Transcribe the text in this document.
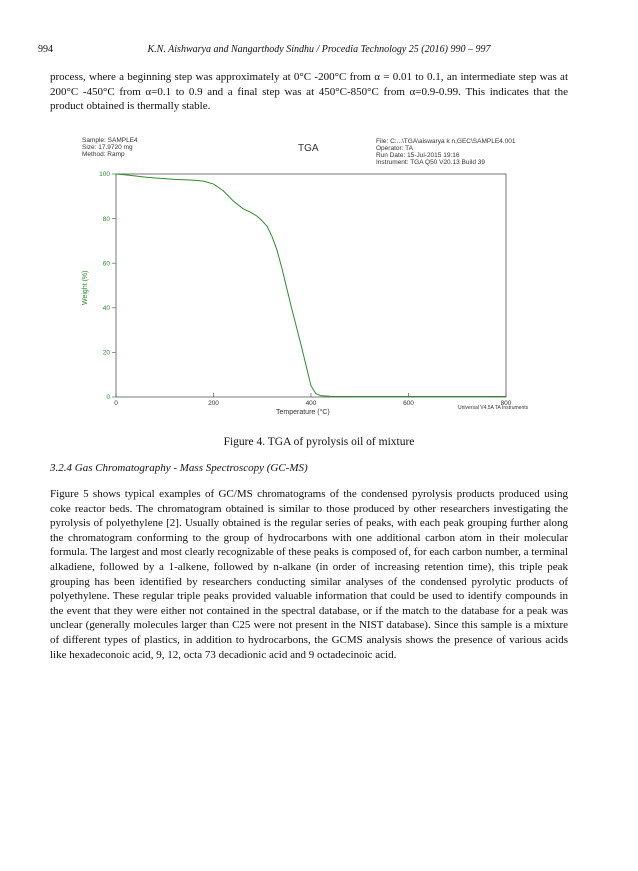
994	K.N. Aishwarya and Nangarthody Sindhu / Procedia Technology 25 (2016) 990 – 997

process, where a beginning step was approximately at 0°C -200°C from α = 0.01 to 0.1, an intermediate step was at 200°C -450°C from α=0.1 to 0.9 and a final step was at 450°C-850°C from α=0.9-0.99. This indicates that the product obtained is thermally stable.

Sample: SAMPLE4
Size: 17.9720 mg
Method: Ramp
File: C:...\TGA\aiswarya k n,GEC\SAMPLE4.001
Operator: TA
Run Date: 15-Jul-2015 19:16
Instrument: TGA Q50 V20.13 Build 39
Universal V4.5A TA Instruments
TGA
0	200	400	600	800
0
20
40
60
80
100
Temperature (°C)
Weight (%)
Figure 4. TGA of pyrolysis oil of mixture
3.2.4 Gas Chromatography - Mass Spectroscopy (GC-MS)

Figure 5 shows typical examples of GC/MS chromatograms of the condensed pyrolysis products produced using coke reactor beds. The chromatogram obtained is similar to those produced by other researchers investigating the pyrolysis of polyethylene [2]. Usually obtained is the regular series of peaks, with each peak grouping further along the chromatogram conforming to the group of hydrocarbons with one additional carbon atom in their molecular formula. The largest and most clearly recognizable of these peaks is composed of, for each carbon number, a terminal alkadiene, followed by a 1-alkene, followed by n-alkane (in order of increasing retention time), this triple peak grouping has been identified by researchers conducting similar analyses of the condensed pyrolytic products of polyethylene. These regular triple peaks provided valuable information that could be used to identify compounds in the event that they were either not contained in the spectral database, or if the match to the database for a peak was unclear (generally molecules larger than C25 were not present in the NIST database). Since this sample is a mixture of different types of plastics, in addition to hydrocarbons, the GCMS analysis shows the presence of various acids like hexadeconoic acid, 9, 12, octa 73 decadionic acid and 9 octadecinoic acid.
